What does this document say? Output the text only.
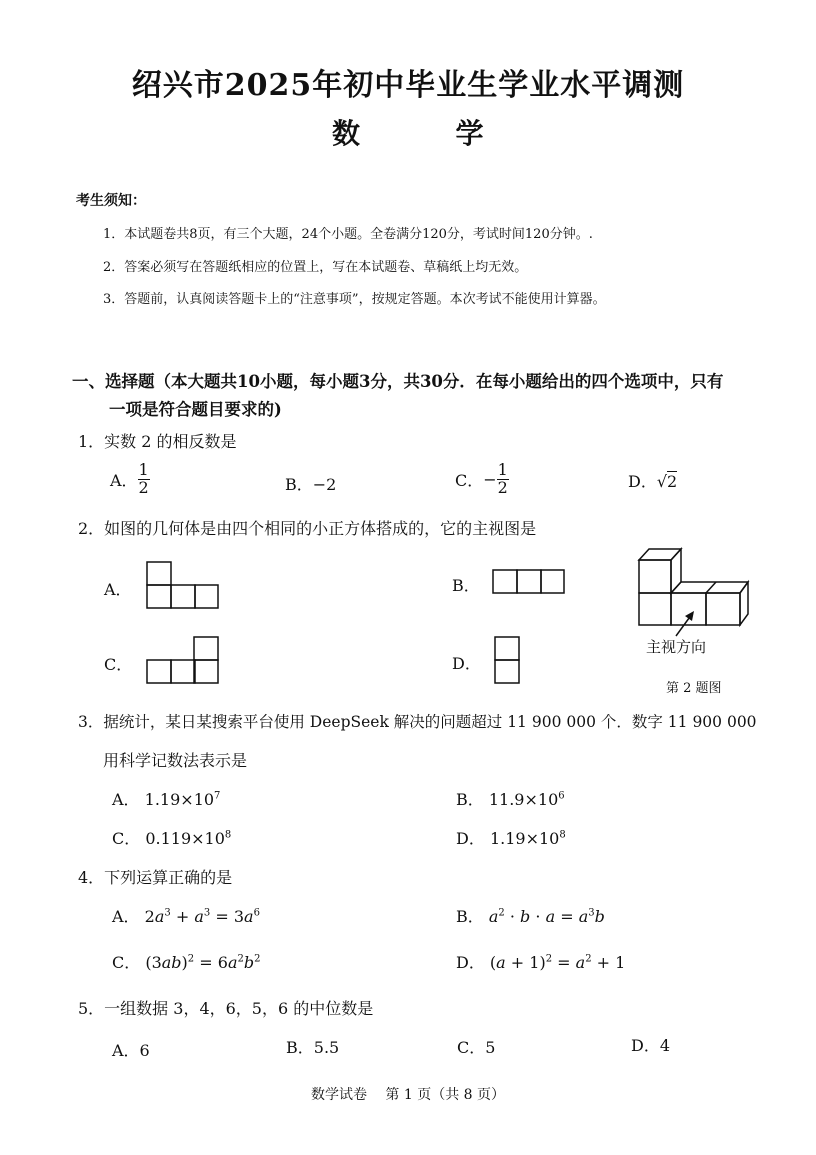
绍兴市2025年初中毕业生学业水平调测
数	学
考生须知：
1．本试题卷共8页，有三个大题，24个小题。全卷满分120分，考试时间120分钟。.
2．答案必须写在答题纸相应的位置上，写在本试题卷、草稿纸上均无效。
3．答题前，认真阅读答题卡上的“注意事项”，按规定答题。本次考试不能使用计算器。
一、选择题（本大题共10小题，每小题3分，共30分．在每小题给出的四个选项中，只有
一项是符合题目要求的)
1．实数 2 的相反数是
A． $\frac{1}{2}$	B．−2	C． − $\frac{1}{2}$	D．√2
2．如图的几何体是由四个相同的小正方体搭成的，它的主视图是
A．	B．
C．	D．
主视方向
第 2 题图
3．据统计，某日某搜索平台使用 DeepSeek 解决的问题超过 11 900 000 个．数字 11 900 000
用科学记数法表示是
A． $1.19\times 10^7$	B． $11.9\times 10^6$
C． $0.119\times 10^8$	D． $1.19\times 10^8$
4．下列运算正确的是
A． $2a^3 + a^3 = 3a^6$	B． $a^2 \cdot b \cdot a = a^3b$
C． $(3ab)^2 = 6a^2b^2$	D． $(a + 1)^2 = a^2 + 1$
5．一组数据 3，4，6，5，6 的中位数是
A．6	B．5.5	C．5	D．4
数学试卷　 第 1 页（共 8 页）
